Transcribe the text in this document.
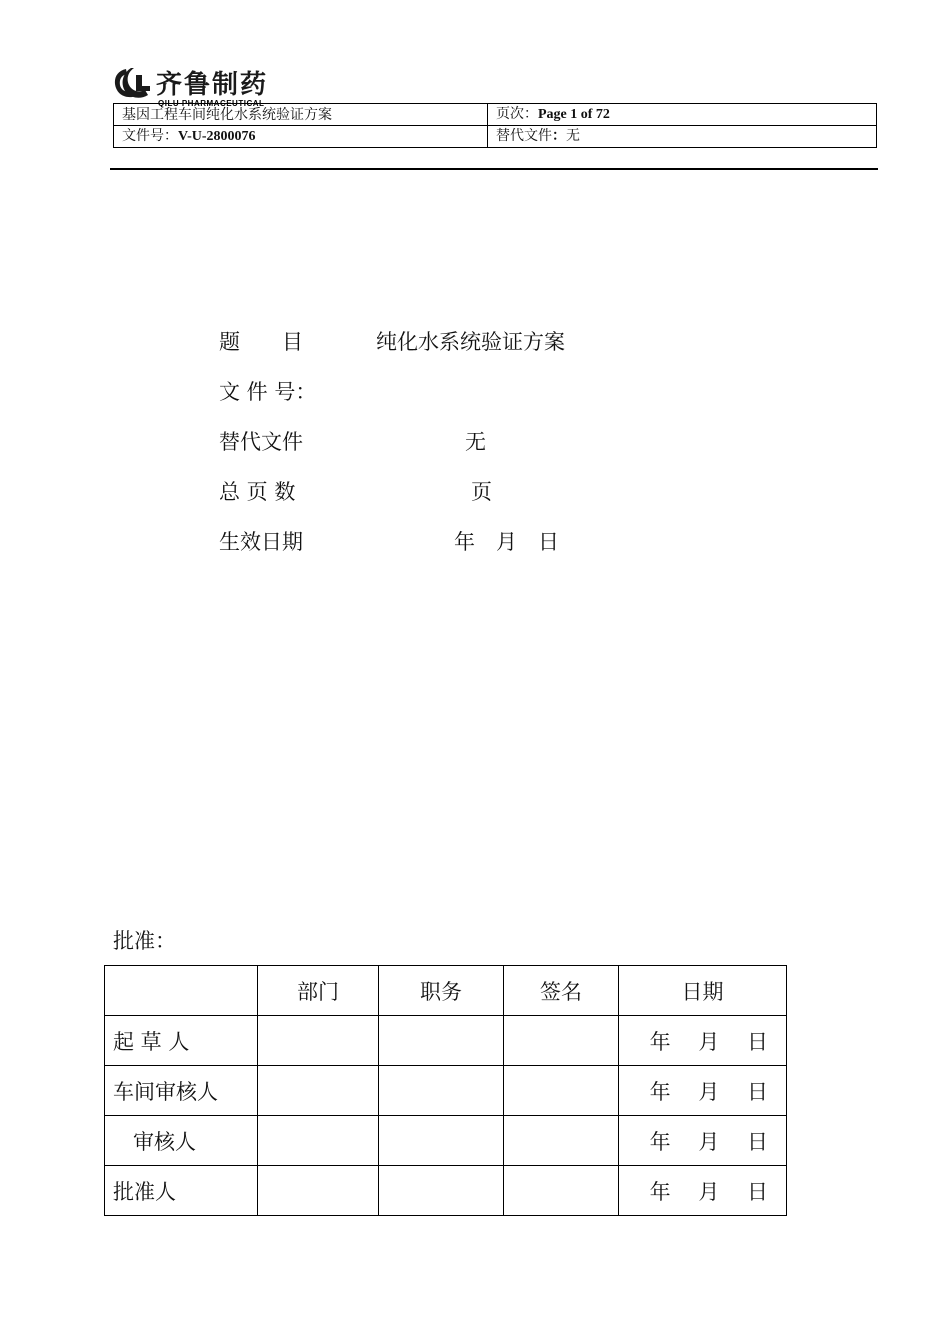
齐鲁制药
QILU PHARMACEUTICAL
基因工程车间纯化水系统验证方案	页次：Page 1 of 72
文件号：V-U-2800076	替代文件：无
题　　目	纯化水系统验证方案
文 件 号：
替代文件	无
总 页 数	页
生效日期	年　月　日
批准：
	部门	职务	签名	日期
起 草 人				年　 月　 日
车间审核人				年　 月　 日
审核人				年　 月　 日
批准人				年　 月　 日
